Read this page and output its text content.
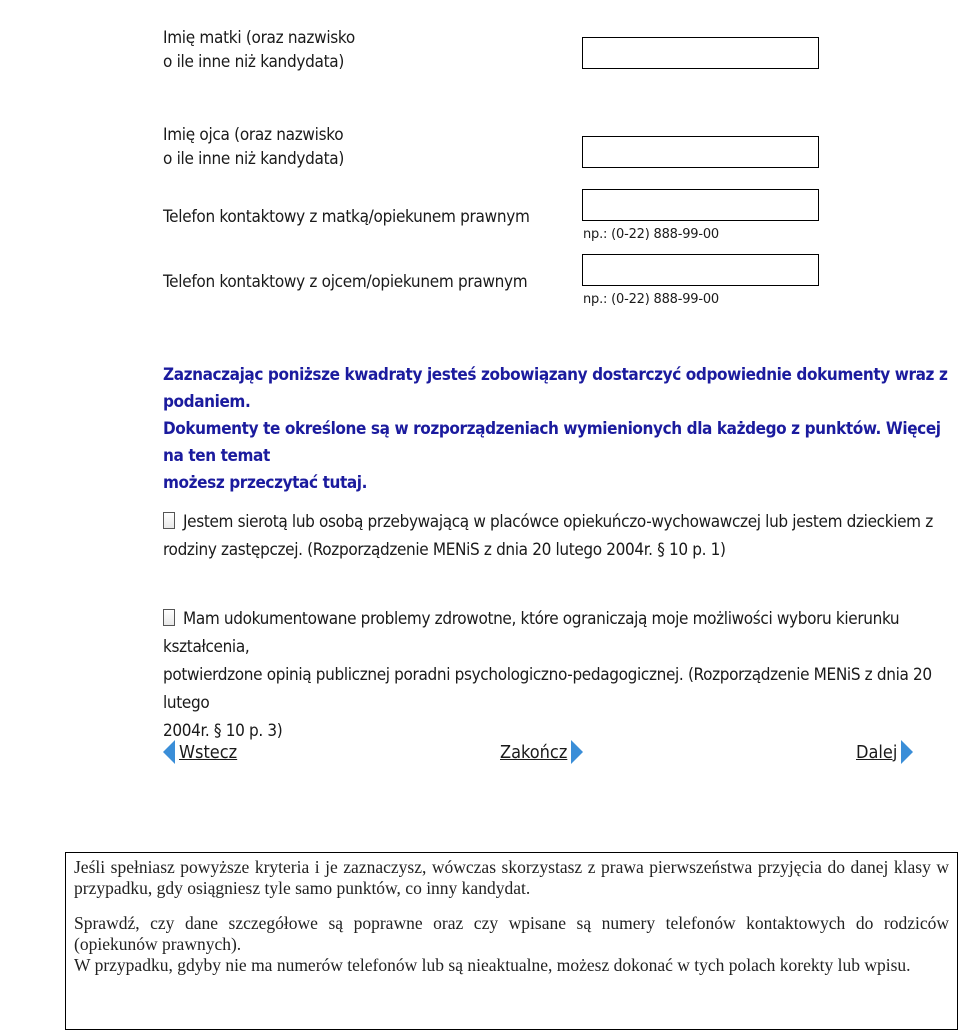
Imię matki (oraz nazwisko
o ile inne niż kandydata)
Imię ojca (oraz nazwisko
o ile inne niż kandydata)
Telefon kontaktowy z matką/opiekunem prawnym
np.: (0-22) 888-99-00
Telefon kontaktowy z ojcem/opiekunem prawnym
np.: (0-22) 888-99-00
Zaznaczając poniższe kwadraty jesteś zobowiązany dostarczyć odpowiednie dokumenty wraz z podaniem.
Dokumenty te określone są w rozporządzeniach wymienionych dla każdego z punktów. Więcej na ten temat
możesz przeczytać tutaj.
Jestem sierotą lub osobą przebywającą w placówce opiekuńczo-wychowawczej lub jestem dzieckiem z
rodziny zastępczej. (Rozporządzenie MENiS z dnia 20 lutego 2004r. § 10 p. 1)
Mam udokumentowane problemy zdrowotne, które ograniczają moje możliwości wyboru kierunku kształcenia,
potwierdzone opinią publicznej poradni psychologiczno-pedagogicznej. (Rozporządzenie MENiS z dnia 20 lutego
2004r. § 10 p. 3)
Wstecz	Zakończ	Dalej

Jeśli spełniasz powyższe kryteria i je zaznaczysz, wówczas skorzystasz z prawa pierwszeństwa przyjęcia do danej klasy w przypadku, gdy osiągniesz tyle samo punktów, co inny kandydat.

Sprawdź, czy dane szczegółowe są poprawne oraz czy wpisane są numery telefonów kontaktowych do rodziców (opiekunów prawnych).

W przypadku, gdyby nie ma numerów telefonów lub są nieaktualne, możesz dokonać w tych polach korekty lub wpisu.
